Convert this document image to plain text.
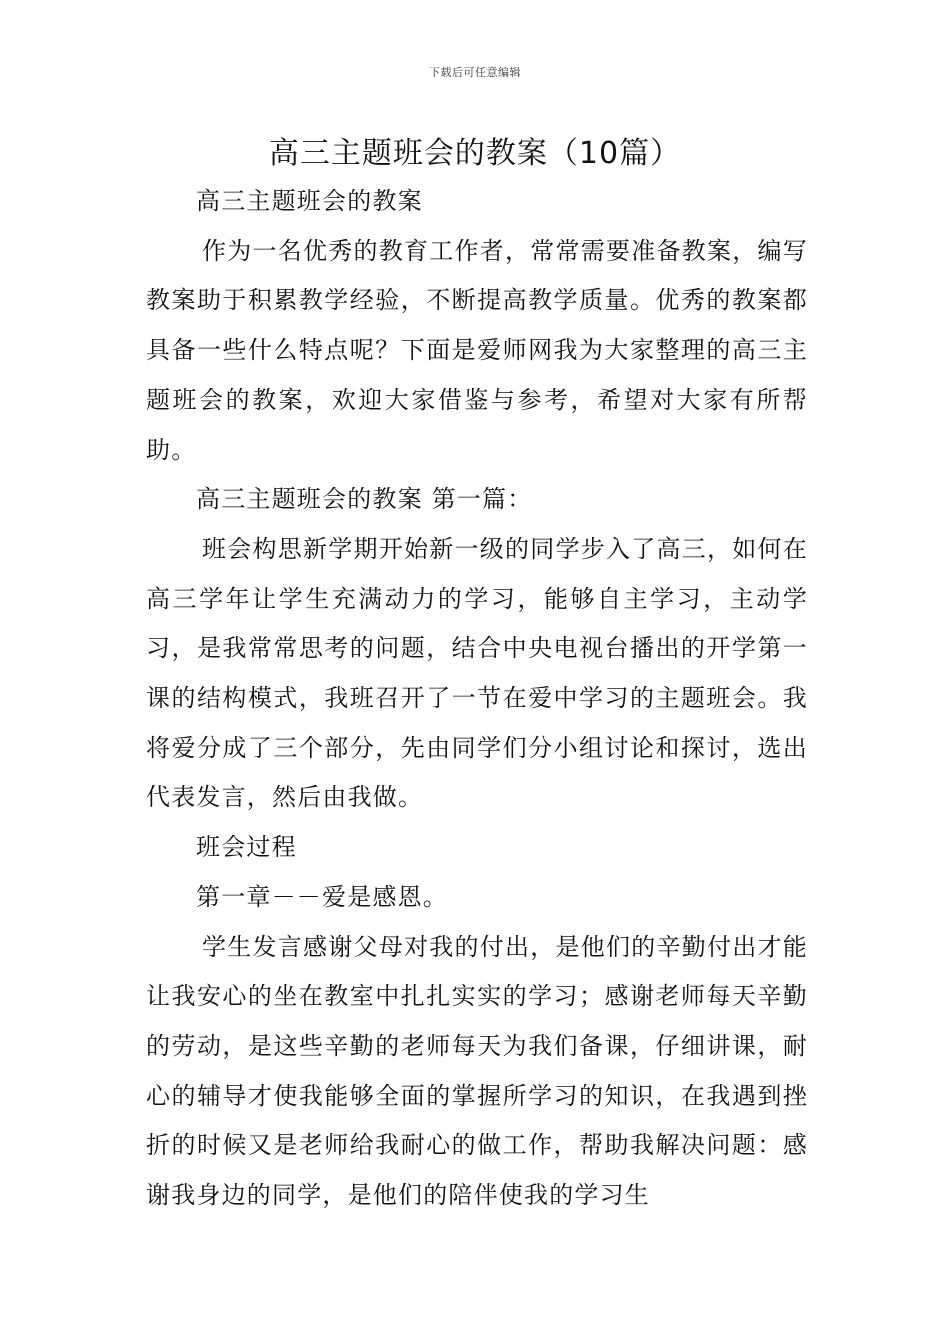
下载后可任意编辑
高三主题班会的教案（10篇）

高三主题班会的教案

作为一名优秀的教育工作者，常常需要准备教案，编写教案助于积累教学经验，不断提高教学质量。优秀的教案都具备一些什么特点呢？下面是爱师网我为大家整理的高三主题班会的教案，欢迎大家借鉴与参考，希望对大家有所帮助。

高三主题班会的教案 第一篇：

班会构思新学期开始新一级的同学步入了高三，如何在高三学年让学生充满动力的学习，能够自主学习，主动学习，是我常常思考的问题，结合中央电视台播出的开学第一课的结构模式，我班召开了一节在爱中学习的主题班会。我将爱分成了三个部分，先由同学们分小组讨论和探讨，选出代表发言，然后由我做。

班会过程

第一章－－爱是感恩。

学生发言感谢父母对我的付出，是他们的辛勤付出才能让我安心的坐在教室中扎扎实实的学习；感谢老师每天辛勤的劳动，是这些辛勤的老师每天为我们备课，仔细讲课，耐心的辅导才使我能够全面的掌握所学习的知识，在我遇到挫折的时候又是老师给我耐心的做工作，帮助我解决问题：感谢我身边的同学，是他们的陪伴使我的学习生
